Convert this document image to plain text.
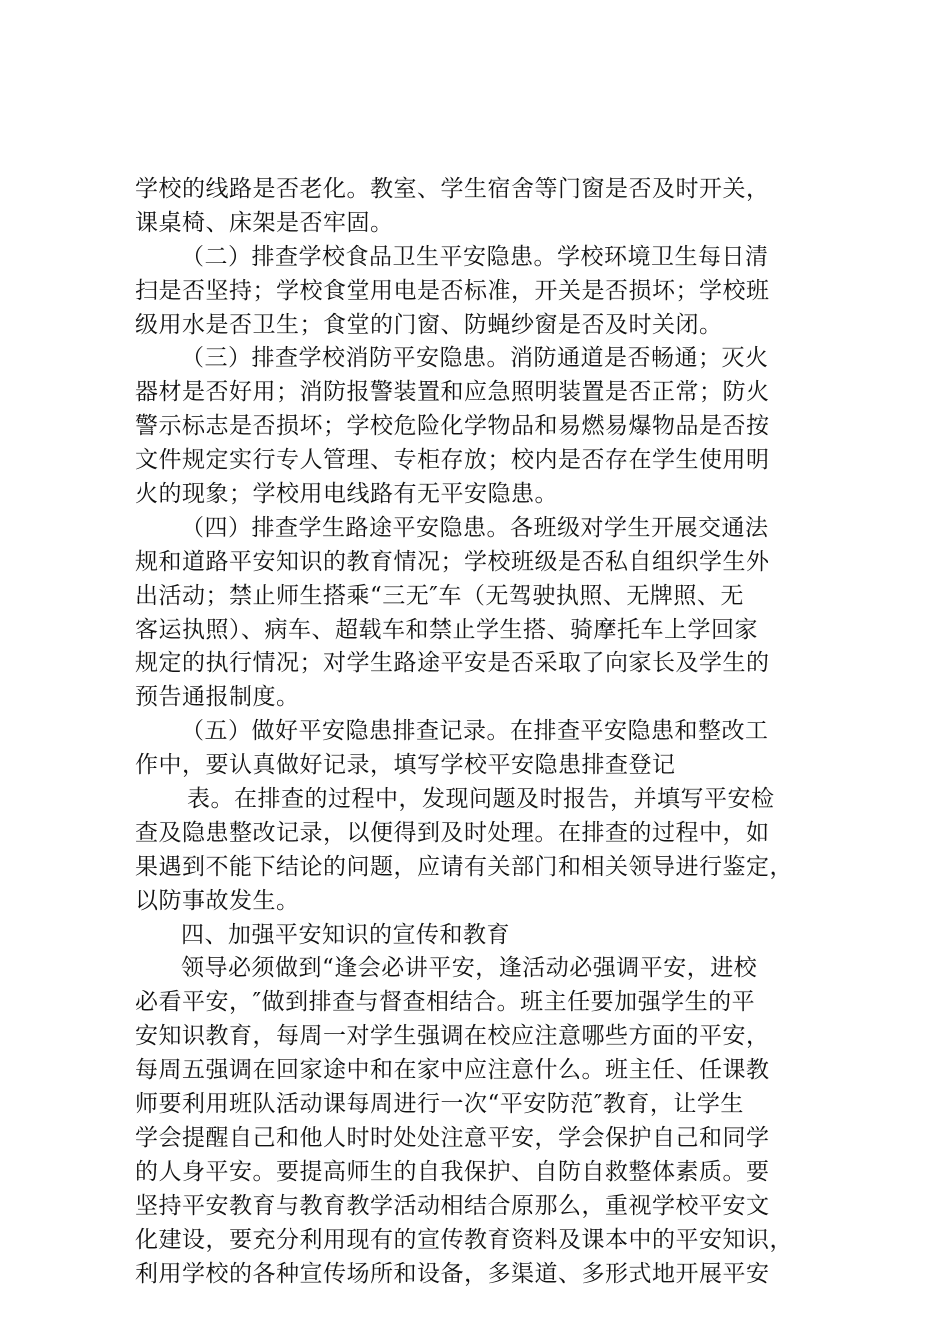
学校的线路是否老化。教室、学生宿舍等门窗是否及时开关，
课桌椅、床架是否牢固。
（二）排查学校食品卫生平安隐患。学校环境卫生每日清
扫是否坚持；学校食堂用电是否标准，开关是否损坏；学校班
级用水是否卫生；食堂的门窗、防蝇纱窗是否及时关闭。
（三）排查学校消防平安隐患。消防通道是否畅通；灭火
器材是否好用；消防报警装置和应急照明装置是否正常；防火
警示标志是否损坏；学校危险化学物品和易燃易爆物品是否按
文件规定实行专人管理、专柜存放；校内是否存在学生使用明
火的现象；学校用电线路有无平安隐患。
（四）排查学生路途平安隐患。各班级对学生开展交通法
规和道路平安知识的教育情况；学校班级是否私自组织学生外
出活动；禁止师生搭乘“三无″车（无驾驶执照、无牌照、无
客运执照）、病车、超载车和禁止学生搭、骑摩托车上学回家
规定的执行情况；对学生路途平安是否采取了向家长及学生的
预告通报制度。
（五）做好平安隐患排查记录。在排查平安隐患和整改工
作中，要认真做好记录，填写学校平安隐患排查登记
表。在排查的过程中，发现问题及时报告，并填写平安检
查及隐患整改记录，以便得到及时处理。在排查的过程中，如
果遇到不能下结论的问题，应请有关部门和相关领导进行鉴定，
以防事故发生。
四、加强平安知识的宣传和教育
领导必须做到“逢会必讲平安，逢活动必强调平安，进校
必看平安，″做到排查与督查相结合。班主任要加强学生的平
安知识教育，每周一对学生强调在校应注意哪些方面的平安，
每周五强调在回家途中和在家中应注意什么。班主任、任课教
师要利用班队活动课每周进行一次“平安防范″教育，让学生
学会提醒自己和他人时时处处注意平安，学会保护自己和同学
的人身平安。要提高师生的自我保护、自防自救整体素质。要
坚持平安教育与教育教学活动相结合原那么，重视学校平安文
化建设，要充分利用现有的宣传教育资料及课本中的平安知识，
利用学校的各种宣传场所和设备，多渠道、多形式地开展平安
